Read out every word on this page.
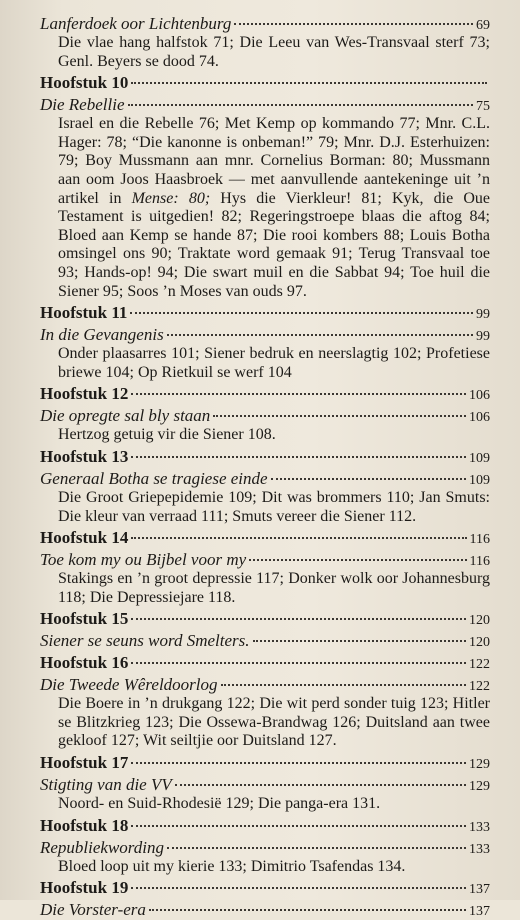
Lanferdoek oor Lichtenburg	69
Die vlae hang halfstok 71; Die Leeu van Wes-Transvaal sterf 73; Genl. Beyers se dood 74.
Hoofstuk 10
Die Rebellie	75
Israel en die Rebelle 76; Met Kemp op kommando 77; Mnr. C.L. Hager: 78; “Die kanonne is onbeman!” 79; Mnr. D.J. Esterhuizen: 79; Boy Mussmann aan mnr. Cornelius Borman: 80; Mussmann aan oom Joos Haasbroek — met aanvullende aantekeninge uit ’n artikel in Mense: 80; Hys die Vierkleur! 81; Kyk, die Oue Testament is uitgedien! 82; Regeringstroepe blaas die aftog 84; Bloed aan Kemp se hande 87; Die rooi kombers 88; Louis Botha omsingel ons 90; Traktate word gemaak 91; Terug Transvaal toe 93; Hands-op! 94; Die swart muil en die Sabbat 94; Toe huil die Siener 95; Soos ’n Moses van ouds 97.
Hoofstuk 11	99
In die Gevangenis	99
Onder plaasarres 101; Siener bedruk en neerslagtig 102; Profetiese briewe 104; Op Rietkuil se werf 104
Hoofstuk 12	106
Die opregte sal bly staan	106
Hertzog getuig vir die Siener 108.
Hoofstuk 13	109
Generaal Botha se tragiese einde	109
Die Groot Griepepidemie 109; Dit was brommers 110; Jan Smuts: Die kleur van verraad 111; Smuts vereer die Siener 112.
Hoofstuk 14	116
Toe kom my ou Bijbel voor my	116
Stakings en ’n groot depressie 117; Donker wolk oor Johannesburg 118; Die Depressiejare 118.
Hoofstuk 15	120
Siener se seuns word Smelters.	120
Hoofstuk 16	122
Die Tweede Wêreldoorlog	122
Die Boere in ’n drukgang 122; Die wit perd sonder tuig 123; Hitler se Blitzkrieg 123; Die Ossewa-Brandwag 126; Duitsland aan twee gekloof 127; Wit seiltjie oor Duitsland 127.
Hoofstuk 17	129
Stigting van die VV	129
Noord- en Suid-Rhodesië 129; Die panga-era 131.
Hoofstuk 18	133
Republiekwording	133
Bloed loop uit my kierie 133; Dimitrio Tsafendas 134.
Hoofstuk 19	137
Die Vorster-era	137
